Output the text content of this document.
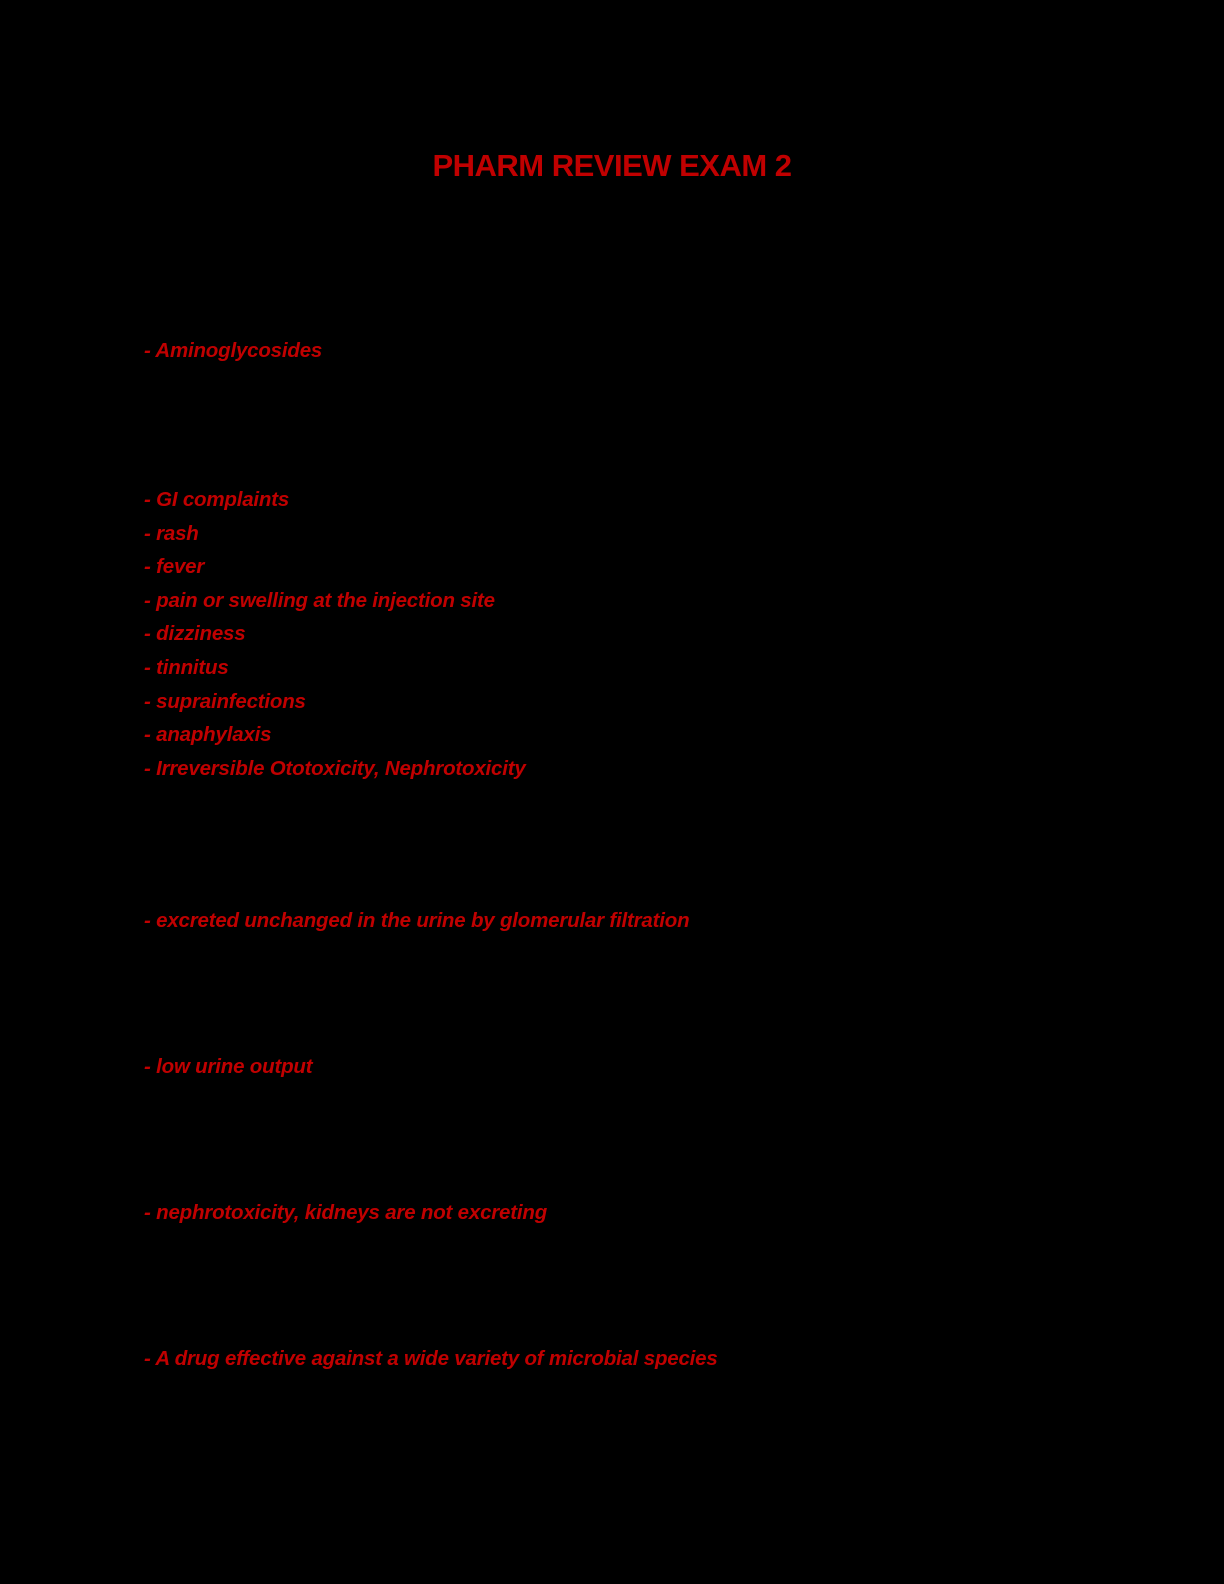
PHARM REVIEW EXAM 2
- Aminoglycosides
- GI complaints
- rash
- fever
- pain or swelling at the injection site
- dizziness
- tinnitus
- suprainfections
- anaphylaxis
- Irreversible Ototoxicity, Nephrotoxicity
- excreted unchanged in the urine by glomerular filtration
- low urine output
- nephrotoxicity, kidneys are not excreting
- A drug effective against a wide variety of microbial species
